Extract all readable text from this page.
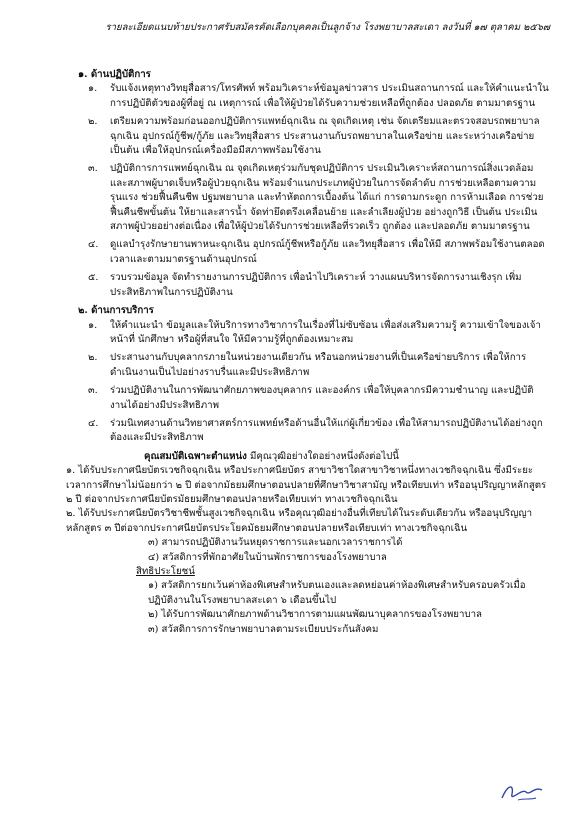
รายละเอียดแนบท้ายประกาศรับสมัครคัดเลือกบุคคลเป็นลูกจ้าง โรงพยาบาลสะเดา ลงวันที่ ๑๗ ตุลาคม ๒๕๖๗
๑. ด้านปฏิบัติการ
๑.	รับแจ้งเหตุทางวิทยุสื่อสาร/โทรศัพท์ พร้อมวิเคราะห์ข้อมูลข่าวสาร ประเมินสถานการณ์ และให้คำแนะนำในการปฏิบัติตัวของผู้ที่อยู่ ณ เหตุการณ์ เพื่อให้ผู้ป่วยได้รับความช่วยเหลือที่ถูกต้อง ปลอดภัย ตามมาตรฐาน
๒.	เตรียมความพร้อมก่อนออกปฏิบัติการแพทย์ฉุกเฉิน ณ จุดเกิดเหตุ เช่น จัดเตรียมและตรวจสอบรถพยาบาลฉุกเฉิน อุปกรณ์กู้ชีพ/กู้ภัย และวิทยุสื่อสาร ประสานงานกับรถพยาบาลในเครือข่าย และระหว่างเครือข่าย เป็นต้น เพื่อให้อุปกรณ์เครื่องมือมีสภาพพร้อมใช้งาน
๓.	ปฏิบัติการการแพทย์ฉุกเฉิน ณ จุดเกิดเหตุร่วมกับชุดปฏิบัติการ ประเมินวิเคราะห์สถานการณ์สิ่งแวดล้อม และสภาพผู้บาดเจ็บหรือผู้ป่วยฉุกเฉิน พร้อมจำแนกประเภทผู้ป่วยในการจัดลำดับ การช่วยเหลือตามความรุนแรง ช่วยฟื้นคืนชีพ ปฐมพยาบาล และทำหัตถการเบื้องต้น ได้แก่ การดามกระดูก การห้ามเลือด การช่วยฟื้นคืนชีพขั้นต้น ให้ยาและสารน้ำ จัดท่ายึดตรึงเคลื่อนย้าย และลำเลียงผู้ป่วย อย่างถูกวิธี เป็นต้น ประเมินสภาพผู้ป่วยอย่างต่อเนื่อง เพื่อให้ผู้ป่วยได้รับการช่วยเหลือที่รวดเร็ว ถูกต้อง และปลอดภัย ตามมาตรฐาน
๔.	ดูแลบำรุงรักษายานพาหนะฉุกเฉิน อุปกรณ์กู้ชีพหรือกู้ภัย และวิทยุสื่อสาร เพื่อให้มี สภาพพร้อมใช้งานตลอดเวลาและตามมาตรฐานด้านอุปกรณ์
๕.	รวบรวมข้อมูล จัดทำรายงานการปฏิบัติการ เพื่อนำไปวิเคราะห์ วางแผนบริหารจัดการงานเชิงรุก เพิ่มประสิทธิภาพในการปฏิบัติงาน
๒. ด้านการบริการ
๑.	ให้คำแนะนำ ข้อมูลและให้บริการทางวิชาการในเรื่องที่ไม่ซับซ้อน เพื่อส่งเสริมความรู้ ความเข้าใจของเจ้าหน้าที่ นักศึกษา หรือผู้ที่สนใจ ให้มีความรู้ที่ถูกต้องเหมาะสม
๒.	ประสานงานกับบุคลากรภายในหน่วยงานเดียวกัน หรือนอกหน่วยงานที่เป็นเครือข่ายบริการ เพื่อให้การดำเนินงานเป็นไปอย่างราบรื่นและมีประสิทธิภาพ
๓.	ร่วมปฏิบัติงานในการพัฒนาศักยภาพของบุคลากร และองค์กร เพื่อให้บุคลากรมีความชำนาญ และปฏิบัติงานได้อย่างมีประสิทธิภาพ
๔.	ร่วมนิเทศงานด้านวิทยาศาสตร์การแพทย์หรือด้านอื่นให้แก่ผู้เกี่ยวข้อง เพื่อให้สามารถปฏิบัติงานได้อย่างถูกต้องและมีประสิทธิภาพ
คุณสมบัติเฉพาะตำแหน่ง มีคุณวุฒิอย่างใดอย่างหนึ่งดังต่อไปนี้
๑. ได้รับประกาศนียบัตรเวชกิจฉุกเฉิน หรือประกาศนียบัตร สาขาวิชาใดสาขาวิชาหนึ่งทางเวชกิจฉุกเฉิน ซึ่งมีระยะเวลาการศึกษาไม่น้อยกว่า ๒ ปี ต่อจากมัธยมศึกษาตอนปลายที่ศึกษาวิชาสามัญ หรือเทียบเท่า หรืออนุปริญญาหลักสูตร ๒ ปี ต่อจากประกาศนียบัตรมัธยมศึกษาตอนปลายหรือเทียบเท่า ทางเวชกิจฉุกเฉิน
๒. ได้รับประกาศนียบัตรวิชาชีพชั้นสูงเวชกิจฉุกเฉิน หรือคุณวุฒิอย่างอื่นที่เทียบได้ในระดับเดียวกัน หรืออนุปริญญาหลักสูตร ๓ ปีต่อจากประกาศนียบัตรประโยคมัธยมศึกษาตอนปลายหรือเทียบเท่า ทางเวชกิจฉุกเฉิน
๓) สามารถปฏิบัติงานวันหยุดราชการและนอกเวลาราชการได้
๔) สวัสดิการที่พักอาศัยในบ้านพักราชการของโรงพยาบาล
สิทธิประโยชน์
๑) สวัสดิการยกเว้นค่าห้องพิเศษสำหรับตนเองและลดหย่อนค่าห้องพิเศษสำหรับครอบครัวเมื่อปฏิบัติงานในโรงพยาบาลสะเดา ๖ เดือนขึ้นไป
๒) ได้รับการพัฒนาศักยภาพด้านวิชาการตามแผนพัฒนาบุคลากรของโรงพยาบาล
๓) สวัสดิการการรักษาพยาบาลตามระเบียบประกันสังคม
